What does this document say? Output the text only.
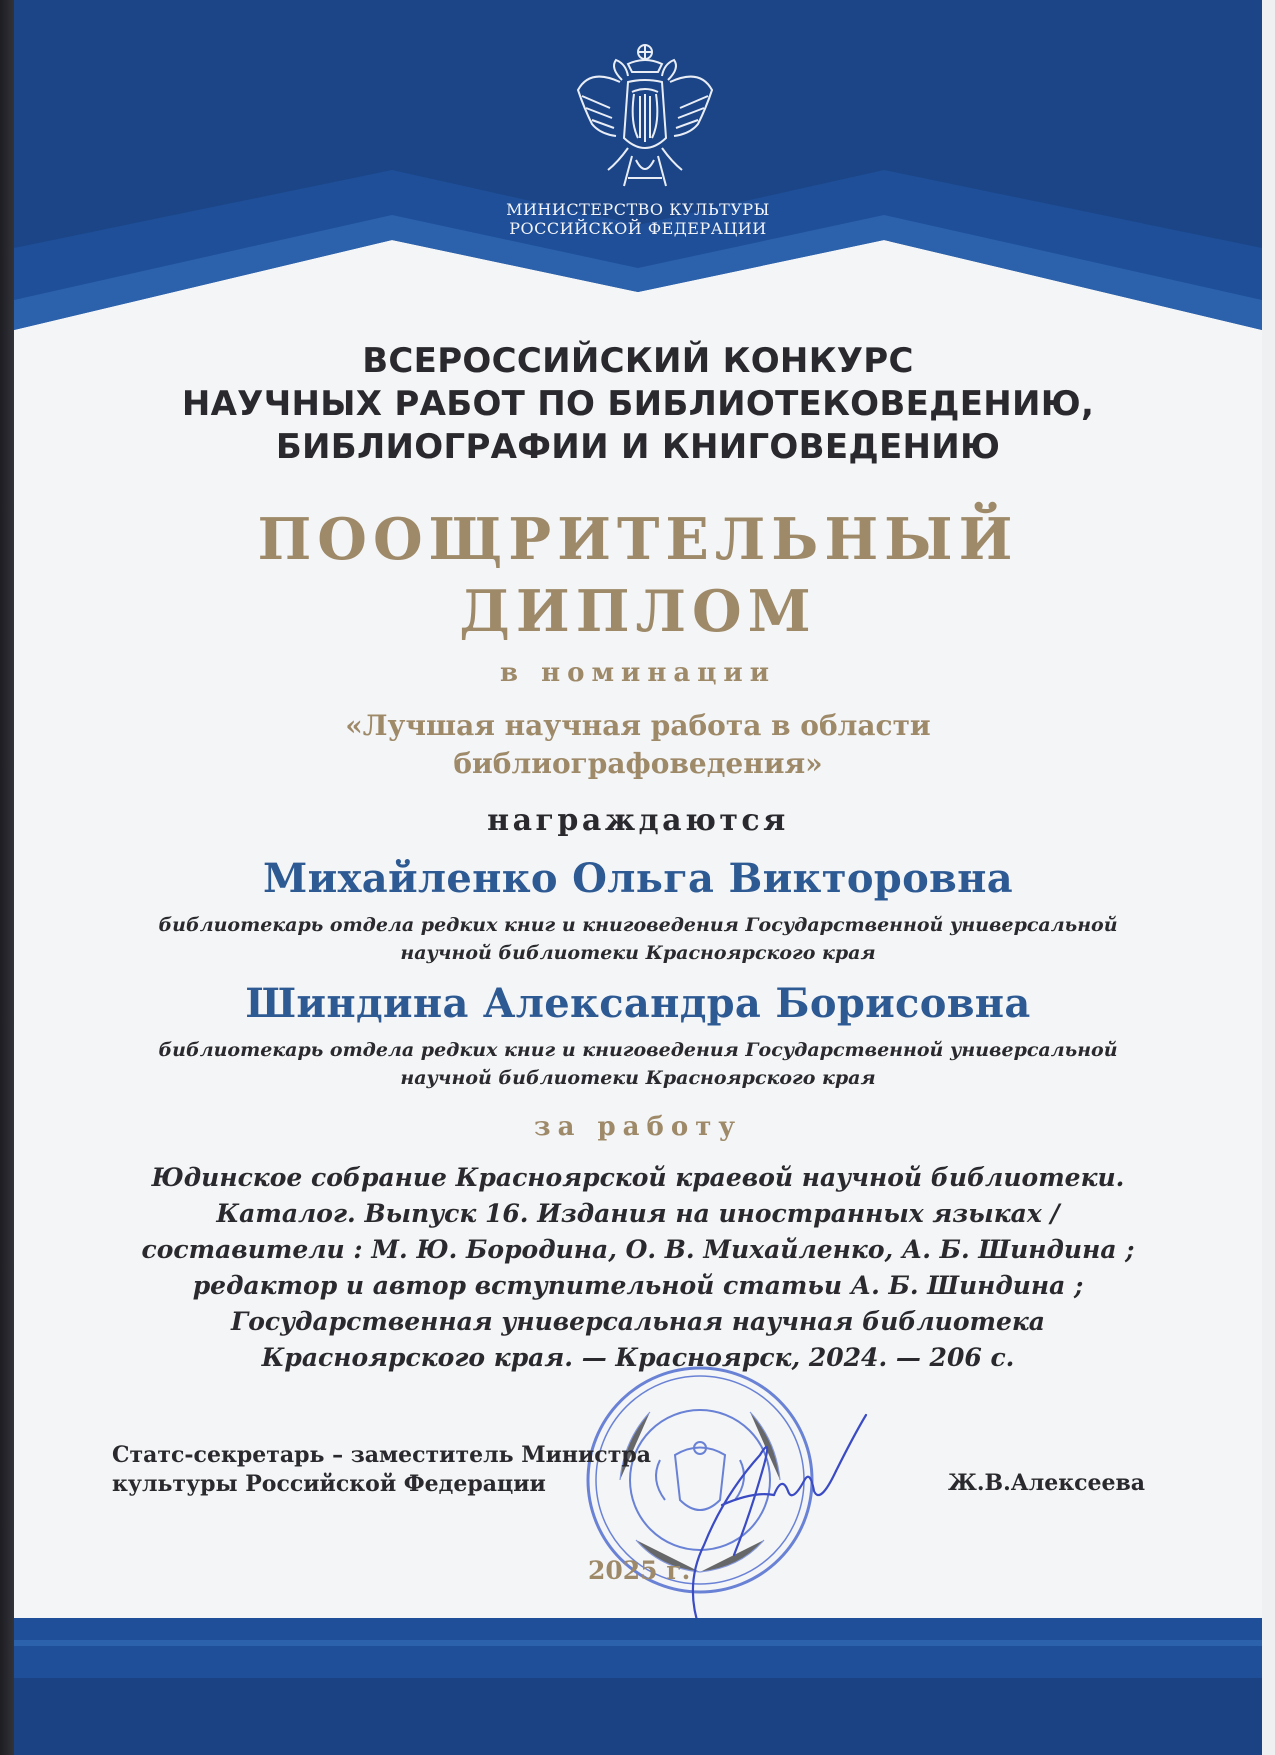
МИНИСТЕРСТВО КУЛЬТУРЫ
РОССИЙСКОЙ ФЕДЕРАЦИИ
ВСЕРОССИЙСКИЙ КОНКУРС
НАУЧНЫХ РАБОТ ПО БИБЛИОТЕКОВЕДЕНИЮ,
БИБЛИОГРАФИИ И КНИГОВЕДЕНИЮ
ПООЩРИТЕЛЬНЫЙ
ДИПЛОМ
в номинации
«Лучшая научная работа в области
библиографоведения»
награждаются
Михайленко Ольга Викторовна
библиотекарь отдела редких книг и книговедения Государственной универсальной
научной библиотеки Красноярского края
Шиндина Александра Борисовна
библиотекарь отдела редких книг и книговедения Государственной универсальной
научной библиотеки Красноярского края
за работу
Юдинское собрание Красноярской краевой научной библиотеки.
Каталог. Выпуск 16. Издания на иностранных языках /
составители : М. Ю. Бородина, О. В. Михайленко, А. Б. Шиндина ;
редактор и автор вступительной статьи А. Б. Шиндина ;
Государственная универсальная научная библиотека
Красноярского края. — Красноярск, 2024. — 206 с.
Статс-секретарь – заместитель Министра
культуры Российской Федерации	Ж.В.Алексеева
2025 г.
